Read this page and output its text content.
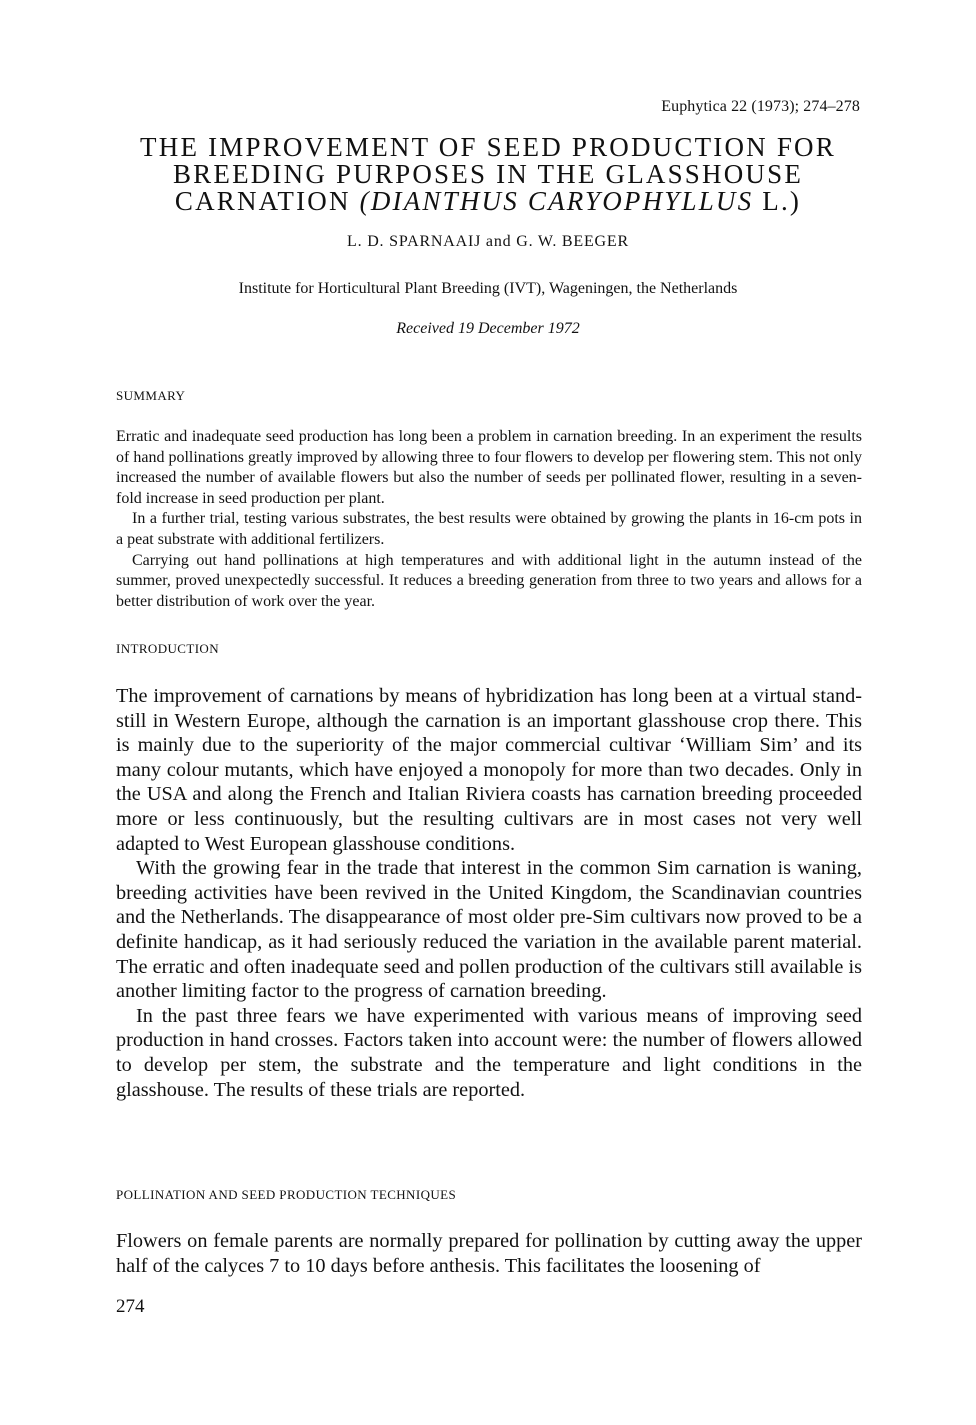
Euphytica 22 (1973); 274–278
THE IMPROVEMENT OF SEED PRODUCTION FOR
BREEDING PURPOSES IN THE GLASSHOUSE
CARNATION (DIANTHUS CARYOPHYLLUS L.)
L. D. SPARNAAIJ and G. W. BEEGER
Institute for Horticultural Plant Breeding (IVT), Wageningen, the Netherlands
Received 19 December 1972
SUMMARY

Erratic and inadequate seed production has long been a problem in carnation breeding. In an experiment the results of hand pollinations greatly improved by allowing three to four flowers to develop per flowering stem. This not only increased the number of available flowers but also the number of seeds per pollinated flower, resulting in a seven-fold increase in seed production per plant.

In a further trial, testing various substrates, the best results were obtained by growing the plants in 16-cm pots in a peat substrate with additional fertilizers.

Carrying out hand pollinations at high temperatures and with additional light in the autumn instead of the summer, proved unexpectedly successful. It reduces a breeding generation from three to two years and allows for a better distribution of work over the year.

INTRODUCTION

The improvement of carnations by means of hybridization has long been at a virtual stand-still in Western Europe, although the carnation is an important glasshouse crop there. This is mainly due to the superiority of the major commercial cultivar ‘William Sim’ and its many colour mutants, which have enjoyed a monopoly for more than two decades. Only in the USA and along the French and Italian Riviera coasts has carnation breeding proceeded more or less continuously, but the resulting cultivars are in most cases not very well adapted to West European glasshouse conditions.

With the growing fear in the trade that interest in the common Sim carnation is waning, breeding activities have been revived in the United Kingdom, the Scandinavian countries and the Netherlands. The disappearance of most older pre-Sim cultivars now proved to be a definite handicap, as it had seriously reduced the variation in the available parent material. The erratic and often inadequate seed and pollen production of the cultivars still available is another limiting factor to the progress of carnation breeding.

In the past three fears we have experimented with various means of improving seed production in hand crosses. Factors taken into account were: the number of flowers allowed to develop per stem, the substrate and the temperature and light conditions in the glasshouse. The results of these trials are reported.

POLLINATION AND SEED PRODUCTION TECHNIQUES

Flowers on female parents are normally prepared for pollination by cutting away the upper half of the calyces 7 to 10 days before anthesis. This facilitates the loosening of

274
